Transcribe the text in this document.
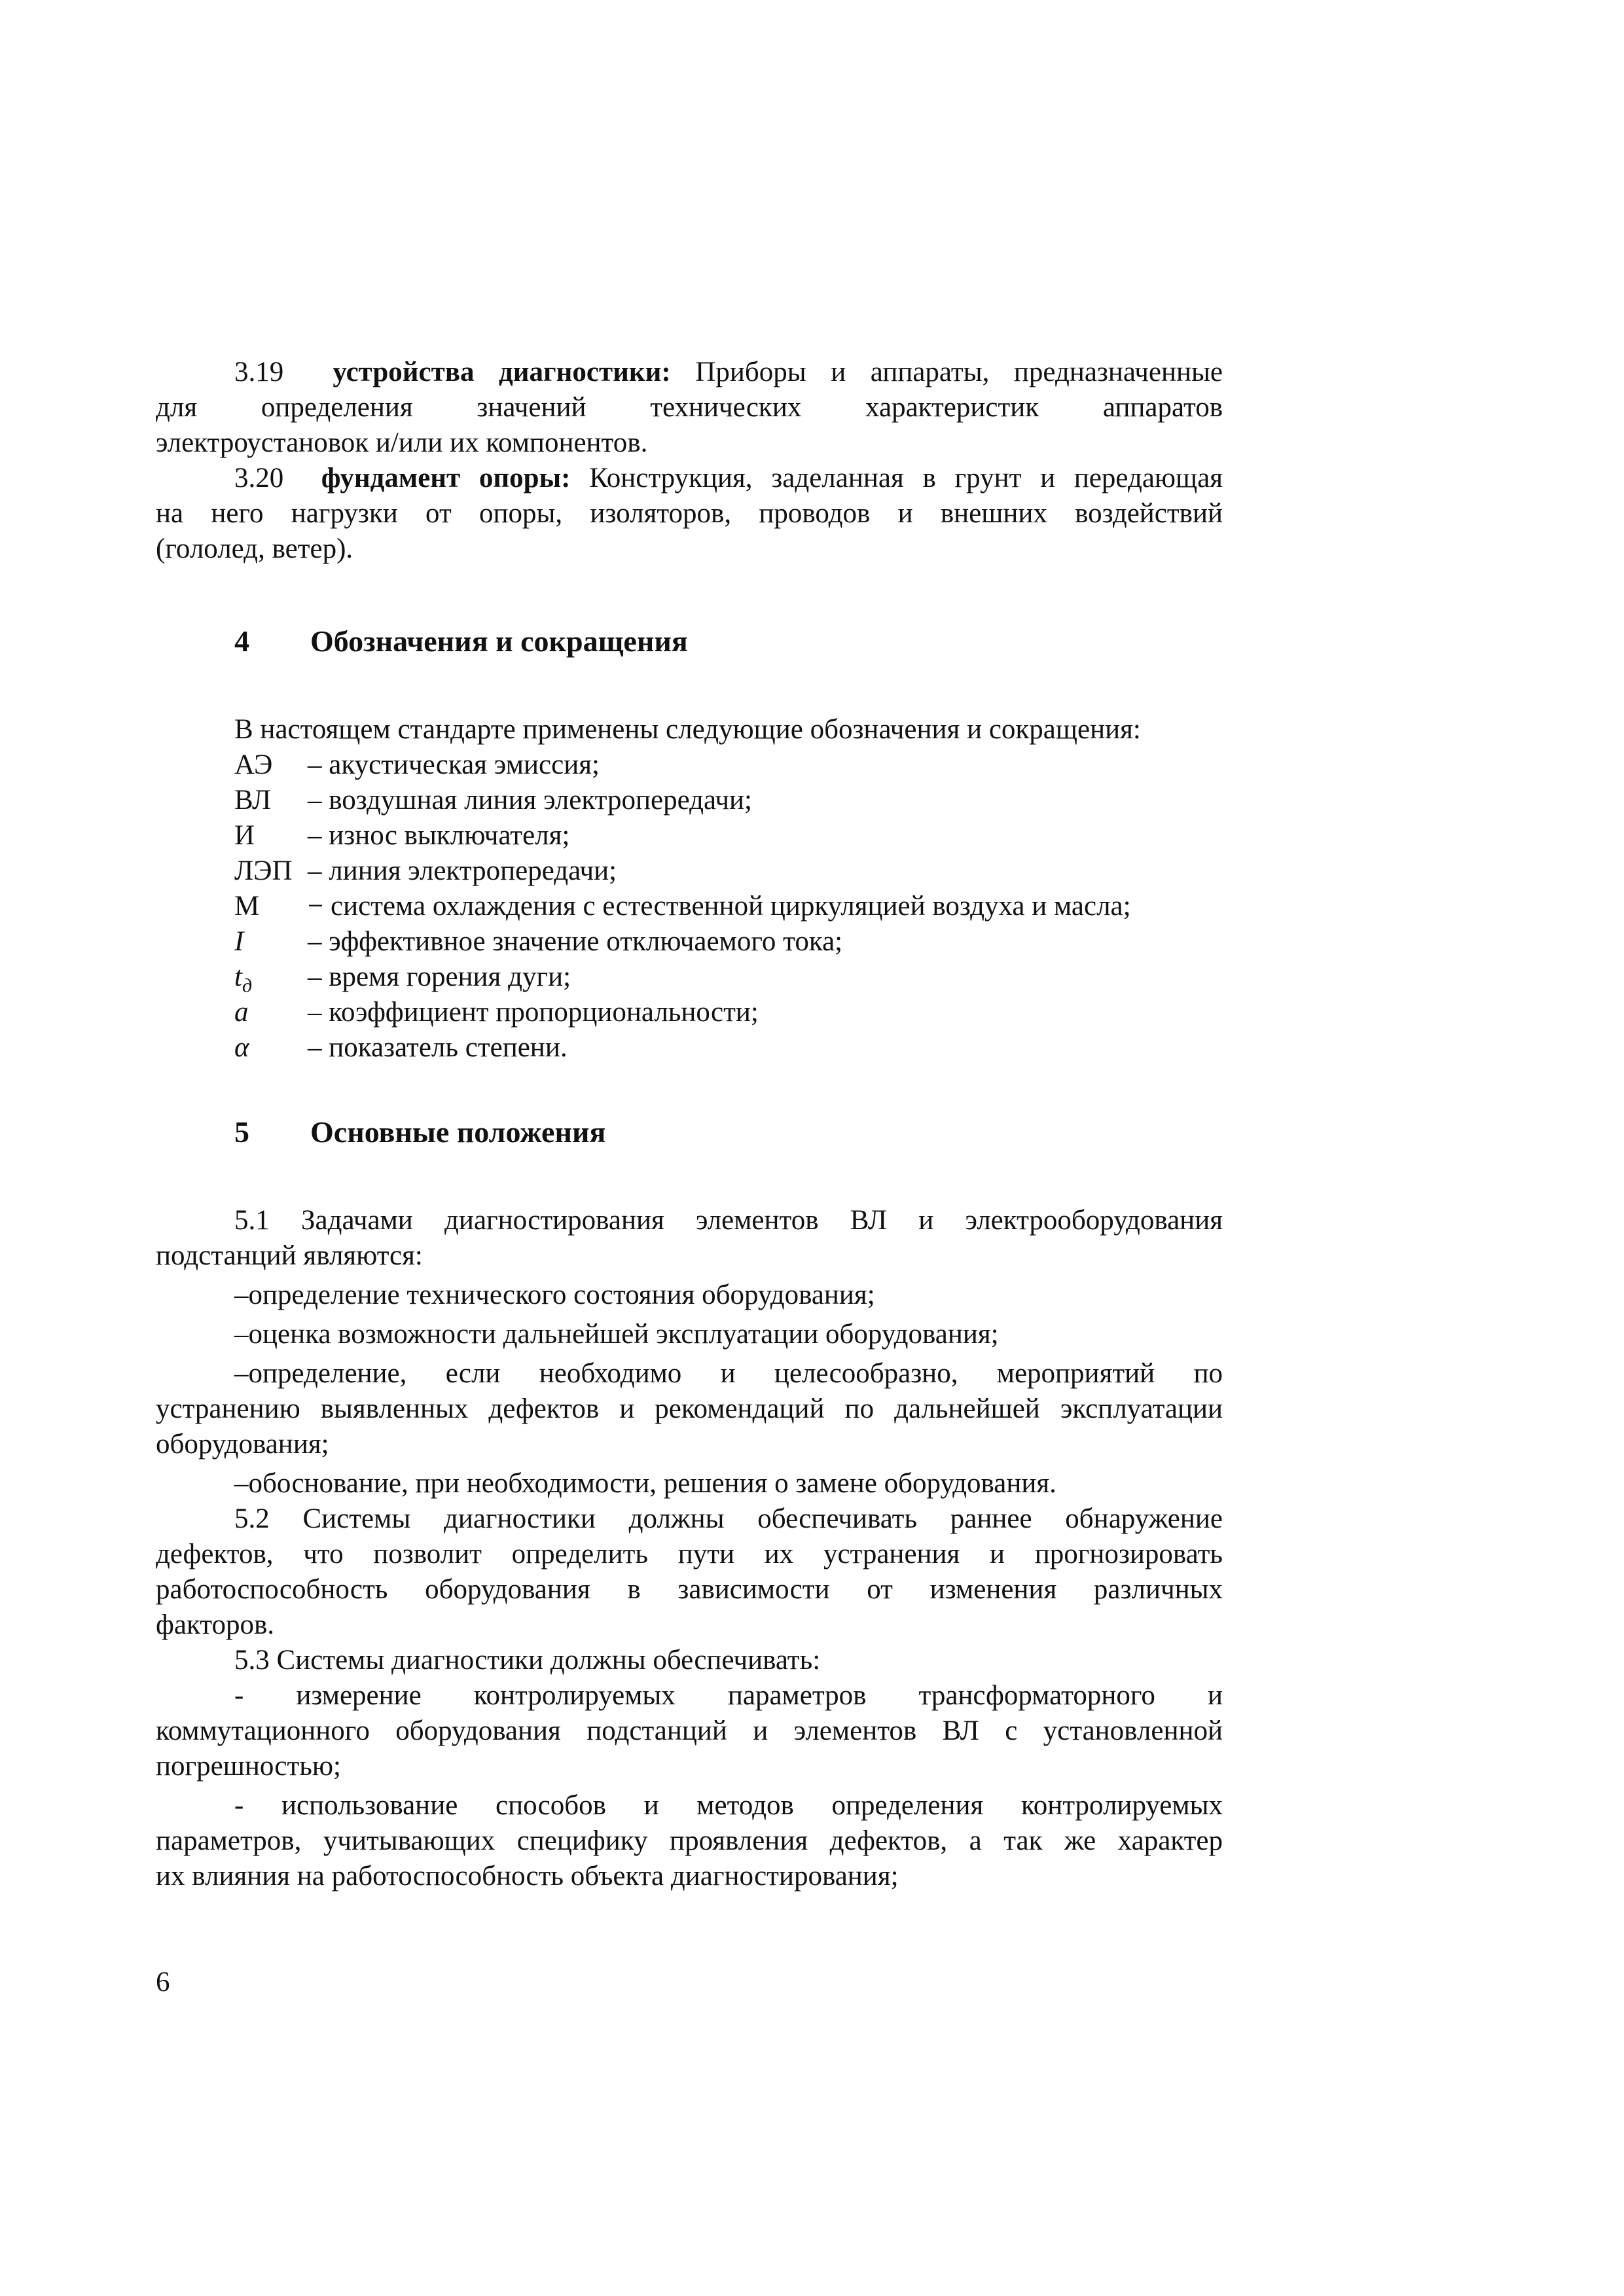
3.19 устройства диагностики: Приборы и аппараты, предназначенные
для определения значений технических характеристик аппаратов
электроустановок и/или их компонентов.
3.20 фундамент опоры: Конструкция, заделанная в грунт и передающая
на него нагрузки от опоры, изоляторов, проводов и внешних воздействий
(гололед, ветер).
4 Обозначения и сокращения
В настоящем стандарте применены следующие обозначения и сокращения:
АЭ	– акустическая эмиссия;
ВЛ	– воздушная линия электропередачи;
И	– износ выключателя;
ЛЭП – линия электропередачи;
М	− система охлаждения с естественной циркуляцией воздуха и масла;
I	– эффективное значение отключаемого тока;
$t_д$ – время горения дуги;
a	– коэффициент пропорциональности;
α	– показатель степени.
5 Основные положения
5.1 Задачами диагностирования элементов ВЛ и электрооборудования
подстанций являются:
–определение технического состояния оборудования;
–оценка возможности дальнейшей эксплуатации оборудования;
–определение, если необходимо и целесообразно, мероприятий по
устранению выявленных дефектов и рекомендаций по дальнейшей эксплуатации
оборудования;
–обоснование, при необходимости, решения о замене оборудования.
5.2 Системы диагностики должны обеспечивать раннее обнаружение
дефектов, что позволит определить пути их устранения и прогнозировать
работоспособность оборудования в зависимости от изменения различных
факторов.
5.3 Системы диагностики должны обеспечивать:
- измерение контролируемых параметров трансформаторного и
коммутационного оборудования подстанций и элементов ВЛ с установленной
погрешностью;
- использование способов и методов определения контролируемых
параметров, учитывающих специфику проявления дефектов, а так же характер
их влияния на работоспособность объекта диагностирования;
6
